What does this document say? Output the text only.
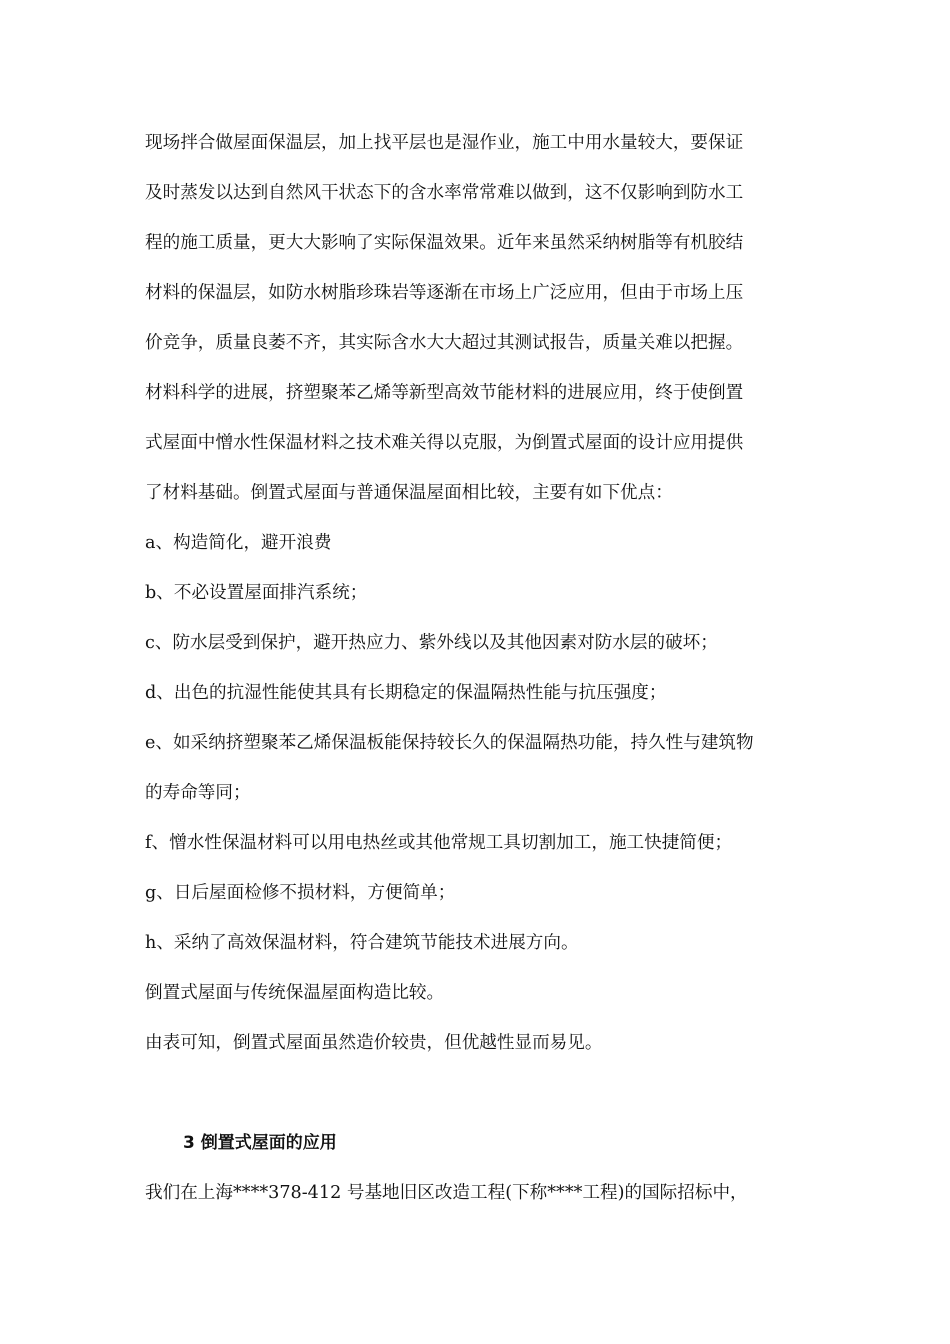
现场拌合做屋面保温层，加上找平层也是湿作业，施工中用水量较大，要保证

及时蒸发以达到自然风干状态下的含水率常常难以做到，这不仅影响到防水工

程的施工质量，更大大影响了实际保温效果。近年来虽然采纳树脂等有机胶结

材料的保温层，如防水树脂珍珠岩等逐渐在市场上广泛应用，但由于市场上压

价竞争，质量良萎不齐，其实际含水大大超过其测试报告，质量关难以把握。

材料科学的进展，挤塑聚苯乙烯等新型高效节能材料的进展应用，终于使倒置

式屋面中憎水性保温材料之技术难关得以克服，为倒置式屋面的设计应用提供

了材料基础。倒置式屋面与普通保温屋面相比较，主要有如下优点：

a、构造简化，避开浪费

b、不必设置屋面排汽系统；

c、防水层受到保护，避开热应力、紫外线以及其他因素对防水层的破坏；

d、出色的抗湿性能使其具有长期稳定的保温隔热性能与抗压强度；

e、如采纳挤塑聚苯乙烯保温板能保持较长久的保温隔热功能，持久性与建筑物

的寿命等同；

f、憎水性保温材料可以用电热丝或其他常规工具切割加工，施工快捷简便；

g、日后屋面检修不损材料，方便简单；

h、采纳了高效保温材料，符合建筑节能技术进展方向。

倒置式屋面与传统保温屋面构造比较。

由表可知，倒置式屋面虽然造价较贵，但优越性显而易见。

3 倒置式屋面的应用

我们在上海****378-412 号基地旧区改造工程(下称****工程)的国际招标中，
